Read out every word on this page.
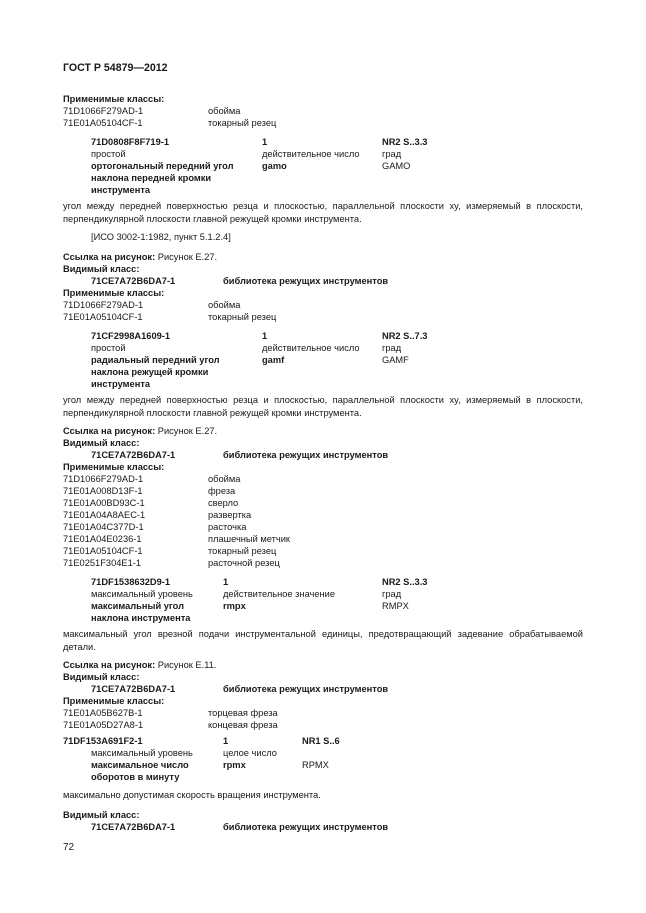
ГОСТ Р 54879—2012
Применимые классы:
71D1066F279AD-1	обойма
71E01A05104CF-1	токарный резец
71D0808F8F719-1	1	NR2 S..3.3
простой	действительное число град
ортогональный передний угол	gamo	GAMO
наклона передней кромки
инструмента
угол между передней поверхностью резца и плоскостью, параллельной плоскости xy, измеряемый в плоскости, перпендикулярной плоскости главной режущей кромки инструмента.
[ИСО 3002-1:1982, пункт 5.1.2.4]
Ссылка на рисунок: Рисунок Е.27.
Видимый класс:
71CE7A72B6DA7-1	библиотека режущих инструментов
Применимые классы:
71D1066F279AD-1	обойма
71E01A05104CF-1	токарный резец
71CF2998A1609-1	1	NR2 S..7.3
простой	действительное число град
радиальный передний угол	gamf	GAMF
наклона режущей кромки
инструмента
угол между передней поверхностью резца и плоскостью, параллельной плоскости xy, измеряемый в плоскости, перпендикулярной плоскости главной режущей кромки инструмента.
Ссылка на рисунок: Рисунок Е.27.
Видимый класс:
71CE7A72B6DA7-1	библиотека режущих инструментов
Применимые классы:
71D1066F279AD-1	обойма
71E01A008D13F-1	фреза
71E01A00BD93C-1	сверло
71E01A04A8AEC-1	развертка
71E01A04C377D-1	расточка
71E01A04E0236-1	плашечный метчик
71E01A05104CF-1	токарный резец
71E0251F304E1-1	расточной резец
71DF1538632D9-1	1	NR2 S..3.3
максимальный уровень	действительное значение	град
максимальный угол	rmpx	RMPX
наклона инструмента
максимальный угол врезной подачи инструментальной единицы, предотвращающий задевание обрабатываемой детали.
Ссылка на рисунок: Рисунок Е.11.
Видимый класс:
71CE7A72B6DA7-1	библиотека режущих инструментов
Применимые классы:
71E01A05B627B-1	торцевая фреза
71E01A05D27A8-1	концевая фреза
71DF153A691F2-1	1	NR1 S..6
максимальный уровень	целое число
максимальное число	rpmx	RPMX
оборотов в минуту
максимально допустимая скорость вращения инструмента.
Видимый класс:
71CE7A72B6DA7-1	библиотека режущих инструментов
72
